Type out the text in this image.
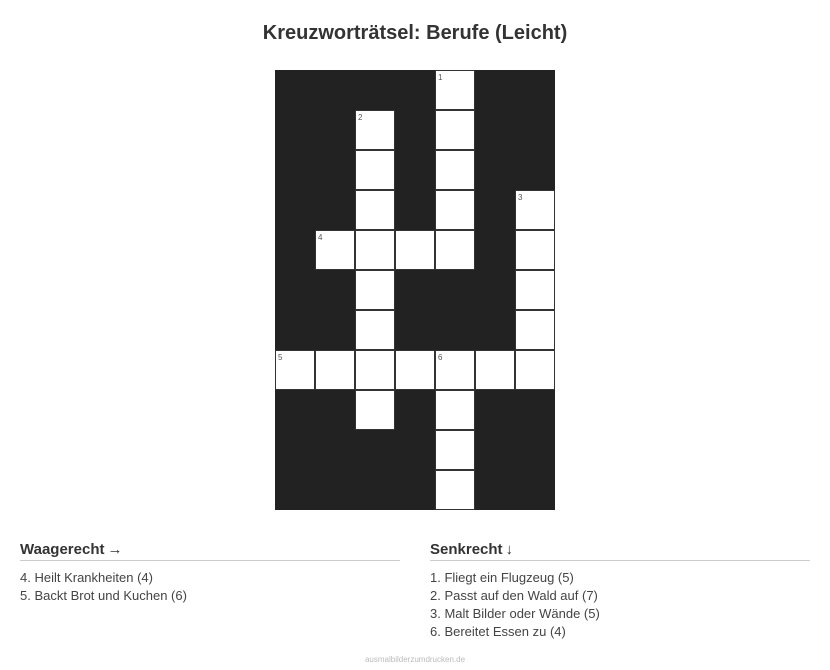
Kreuzworträtsel: Berufe (Leicht)
1
2
3
4
5	6
Waagerecht →
4. Heilt Krankheiten (4)
5. Backt Brot und Kuchen (6)
Senkrecht ↓
1. Fliegt ein Flugzeug (5)
2. Passt auf den Wald auf (7)
3. Malt Bilder oder Wände (5)
6. Bereitet Essen zu (4)
ausmalbilderzumdrucken.de
